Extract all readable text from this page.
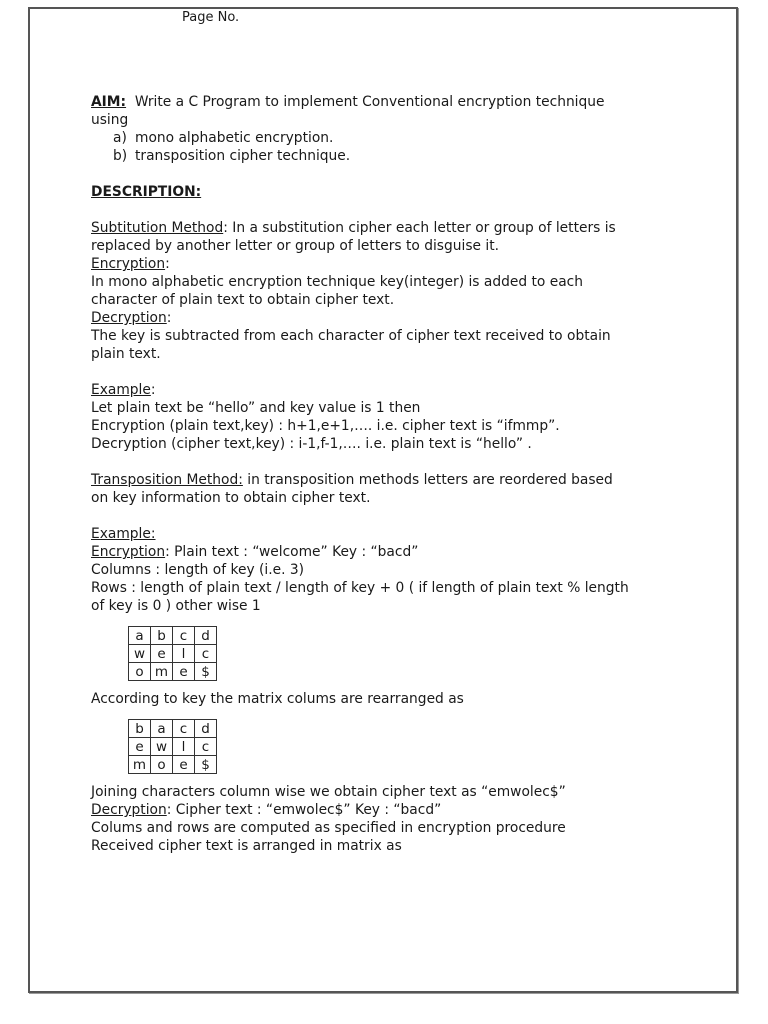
Page No.
AIM: Write a C Program to implement Conventional encryption technique
using
a) mono alphabetic encryption.
b) transposition cipher technique.
DESCRIPTION:
Subtitution Method: In a substitution cipher each letter or group of letters is
replaced by another letter or group of letters to disguise it.
Encryption:
In mono alphabetic encryption technique key(integer) is added to each
character of plain text to obtain cipher text.
Decryption:
The key is subtracted from each character of cipher text received to obtain
plain text.
Example:
Let plain text be “hello” and key value is 1 then
Encryption (plain text,key) : h+1,e+1,…. i.e. cipher text is “ifmmp”.
Decryption (cipher text,key) : i-1,f-1,…. i.e. plain text is “hello” .
Transposition Method: in transposition methods letters are reordered based
on key information to obtain cipher text.
Example:
Encryption: Plain text : “welcome” Key : “bacd”
Columns : length of key (i.e. 3)
Rows : length of plain text / length of key + 0 ( if length of plain text % length
of key is 0 ) other wise 1
a	b	c	d
w	e	l	c
o	m	e	$
According to key the matrix colums are rearranged as
b	a	c	d
e	w	l	c
m	o	e	$
Joining characters column wise we obtain cipher text as “emwolec$”
Decryption: Cipher text : “emwolec$” Key : “bacd”
Colums and rows are computed as specified in encryption procedure
Received cipher text is arranged in matrix as
